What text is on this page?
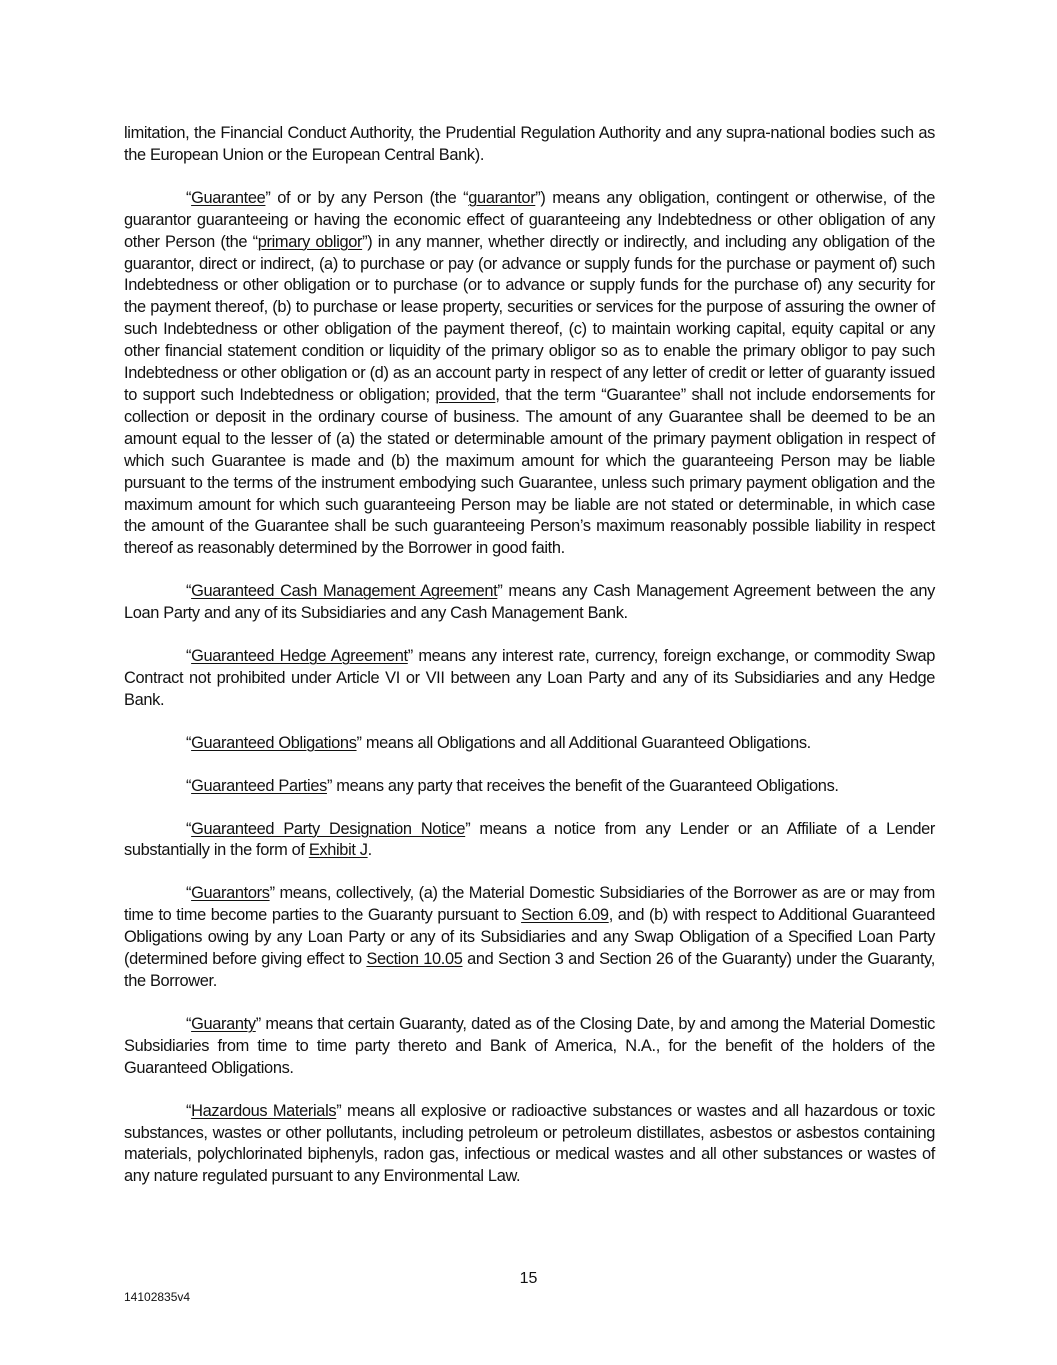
limitation, the Financial Conduct Authority, the Prudential Regulation Authority and any supra-national bodies such as the European Union or the European Central Bank).

“Guarantee” of or by any Person (the “guarantor”) means any obligation, contingent or otherwise, of the guarantor guaranteeing or having the economic effect of guaranteeing any Indebtedness or other obligation of any other Person (the “primary obligor”) in any manner, whether directly or indirectly, and including any obligation of the guarantor, direct or indirect, (a) to purchase or pay (or advance or supply funds for the purchase or payment of) such Indebtedness or other obligation or to purchase (or to advance or supply funds for the purchase of) any security for the payment thereof, (b) to purchase or lease property, securities or services for the purpose of assuring the owner of such Indebtedness or other obligation of the payment thereof, (c) to maintain working capital, equity capital or any other financial statement condition or liquidity of the primary obligor so as to enable the primary obligor to pay such Indebtedness or other obligation or (d) as an account party in respect of any letter of credit or letter of guaranty issued to support such Indebtedness or obligation; provided, that the term “Guarantee” shall not include endorsements for collection or deposit in the ordinary course of business. The amount of any Guarantee shall be deemed to be an amount equal to the lesser of (a) the stated or determinable amount of the primary payment obligation in respect of which such Guarantee is made and (b) the maximum amount for which the guaranteeing Person may be liable pursuant to the terms of the instrument embodying such Guarantee, unless such primary payment obligation and the maximum amount for which such guaranteeing Person may be liable are not stated or determinable, in which case the amount of the Guarantee shall be such guaranteeing Person’s maximum reasonably possible liability in respect thereof as reasonably determined by the Borrower in good faith.

“Guaranteed Cash Management Agreement” means any Cash Management Agreement between the any Loan Party and any of its Subsidiaries and any Cash Management Bank.

“Guaranteed Hedge Agreement” means any interest rate, currency, foreign exchange, or commodity Swap Contract not prohibited under Article VI or VII between any Loan Party and any of its Subsidiaries and any Hedge Bank.

“Guaranteed Obligations” means all Obligations and all Additional Guaranteed Obligations.

“Guaranteed Parties” means any party that receives the benefit of the Guaranteed Obligations.

“Guaranteed Party Designation Notice” means a notice from any Lender or an Affiliate of a Lender substantially in the form of Exhibit J.

“Guarantors” means, collectively, (a) the Material Domestic Subsidiaries of the Borrower as are or may from time to time become parties to the Guaranty pursuant to Section 6.09, and (b) with respect to Additional Guaranteed Obligations owing by any Loan Party or any of its Subsidiaries and any Swap Obligation of a Specified Loan Party (determined before giving effect to Section 10.05 and Section 3 and Section 26 of the Guaranty) under the Guaranty, the Borrower.

“Guaranty” means that certain Guaranty, dated as of the Closing Date, by and among the Material Domestic Subsidiaries from time to time party thereto and Bank of America, N.A., for the benefit of the holders of the Guaranteed Obligations.

“Hazardous Materials” means all explosive or radioactive substances or wastes and all hazardous or toxic substances, wastes or other pollutants, including petroleum or petroleum distillates, asbestos or asbestos containing materials, polychlorinated biphenyls, radon gas, infectious or medical wastes and all other substances or wastes of any nature regulated pursuant to any Environmental Law.

15
14102835v4
